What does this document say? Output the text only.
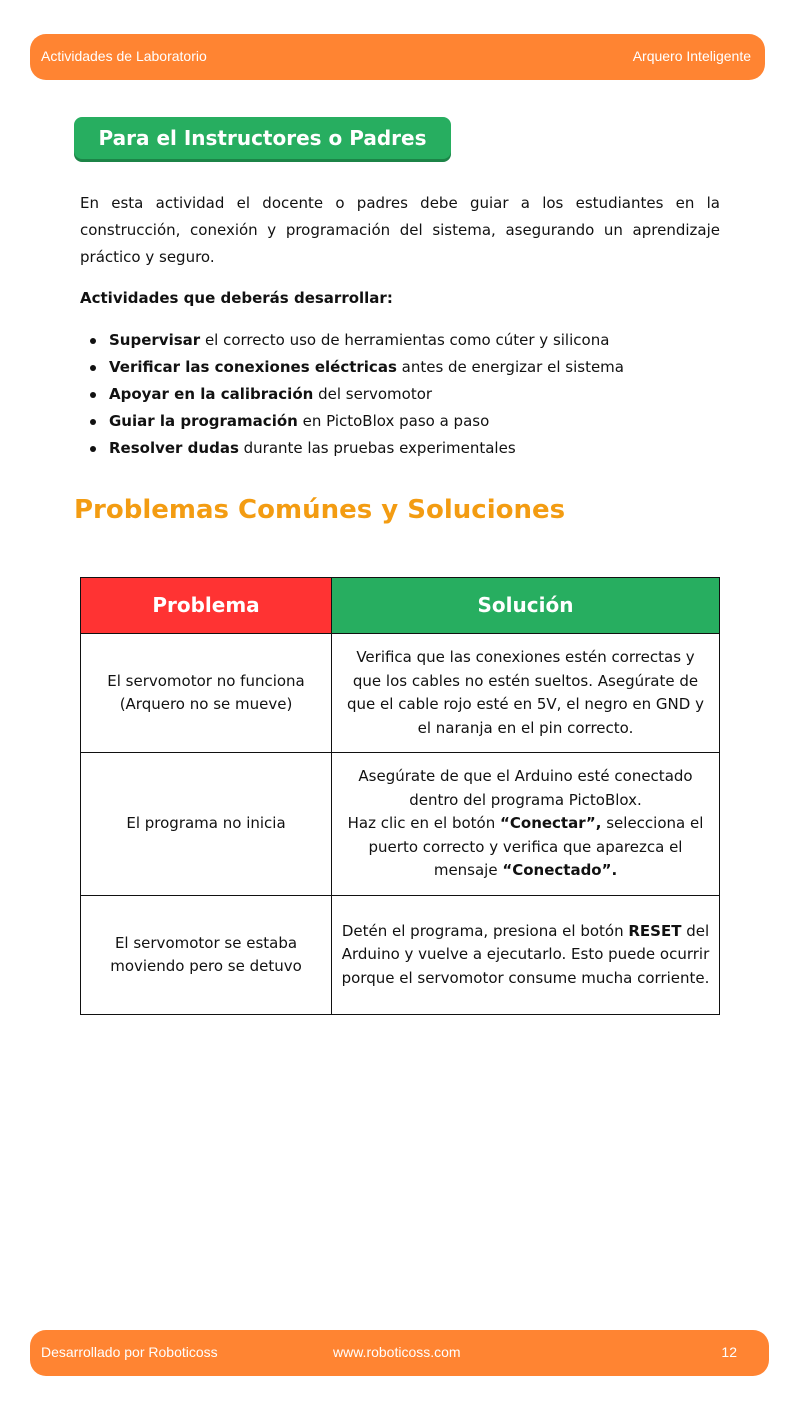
Actividades de Laboratorio	Arquero Inteligente
Para el Instructores o Padres

En esta actividad el docente o padres debe guiar a los estudiantes en la construcción, conexión y programación del sistema, asegurando un aprendizaje práctico y seguro.

Actividades que deberás desarrollar:

Supervisar el correcto uso de herramientas como cúter y silicona
Verificar las conexiones eléctricas antes de energizar el sistema
Apoyar en la calibración del servomotor
Guiar la programación en PictoBlox paso a paso
Resolver dudas durante las pruebas experimentales
Problemas Comúnes y Soluciones
Problema	Solución
El servomotor no funciona
(Arquero no se mueve)	Verifica que las conexiones estén correctas y que los cables no estén sueltos. Asegúrate de que el cable rojo esté en 5V, el negro en GND y el naranja en el pin correcto.
El programa no inicia	Asegúrate de que el Arduino esté conectado dentro del programa PictoBlox.
Haz clic en el botón “Conectar”, selecciona el puerto correcto y verifica que aparezca el mensaje “Conectado”.
El servomotor se estaba
moviendo pero se detuvo	Detén el programa, presiona el botón RESET del Arduino y vuelve a ejecutarlo. Esto puede ocurrir porque el servomotor consume mucha corriente.
Desarrollado por Roboticoss	www.roboticoss.com	12
